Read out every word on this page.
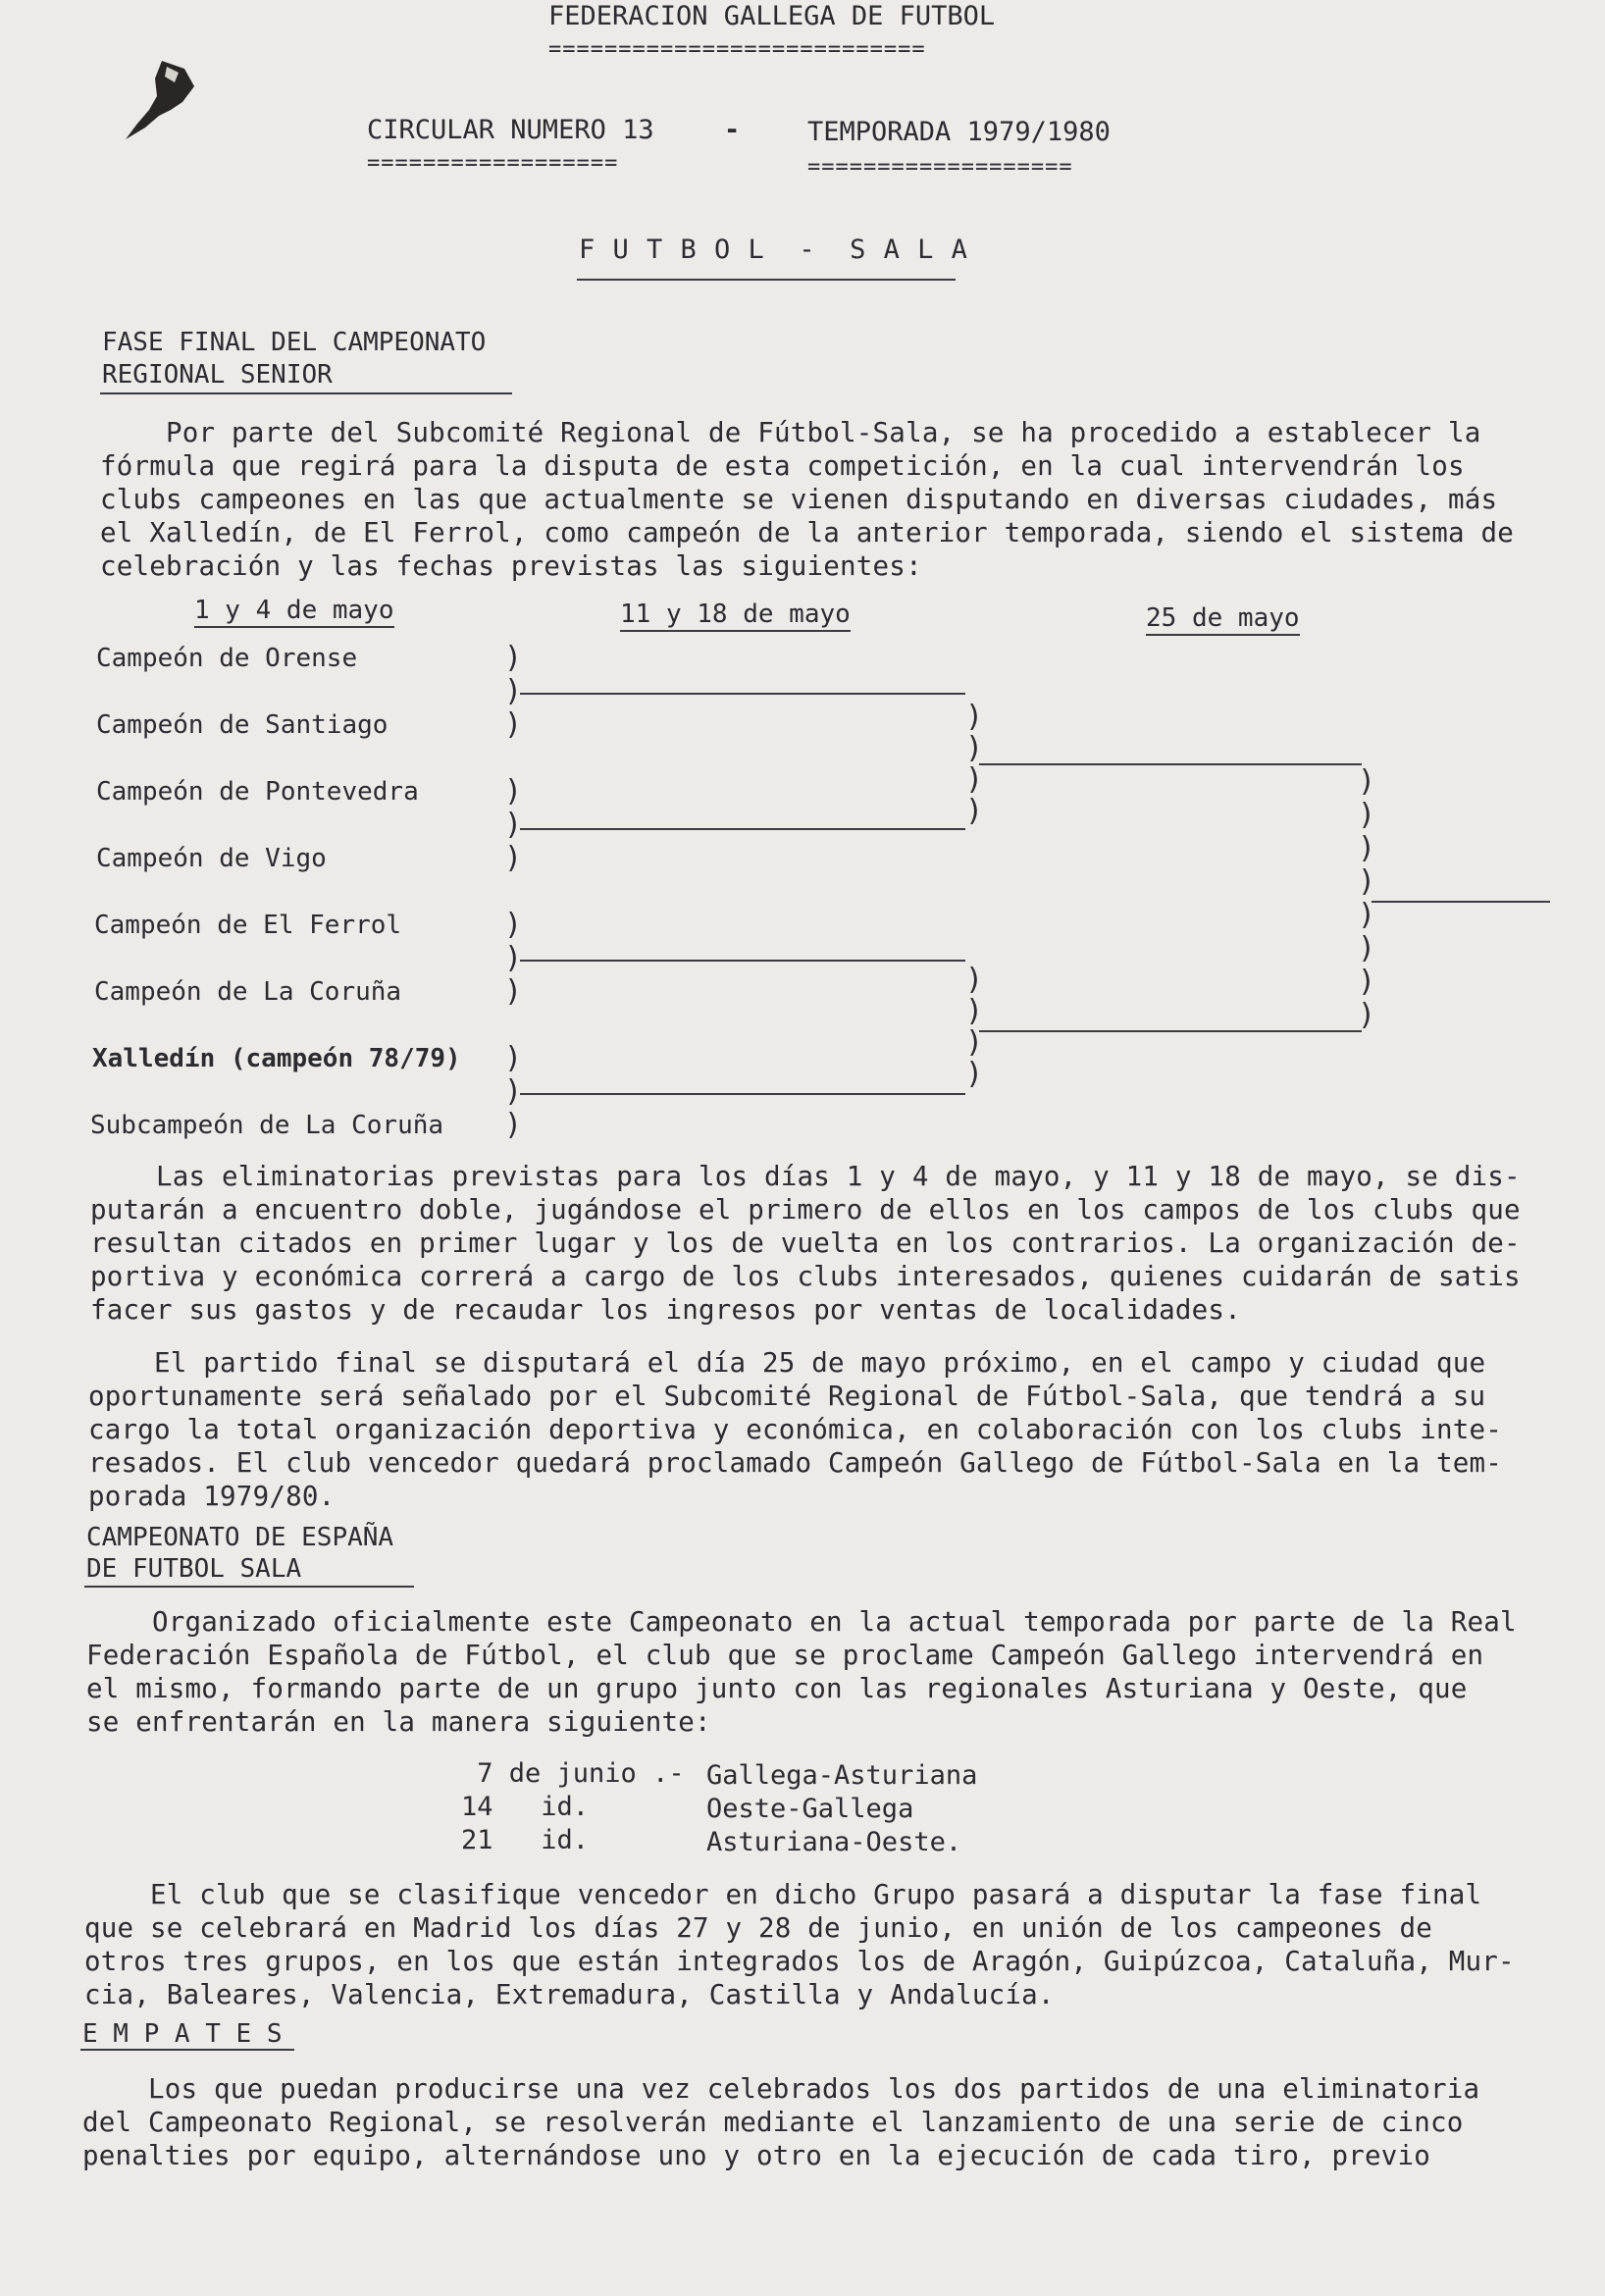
FEDERACION GALLEGA DE FUTBOL
===========================
CIRCULAR NUMERO 13
==================
-	TEMPORADA 1979/1980
===================
F U T B O L  -  S A L A
FASE FINAL DEL CAMPEONATO
REGIONAL SENIOR
Por parte del Subcomité Regional de Fútbol-Sala, se ha procedido a establecer la
fórmula que regirá para la disputa de esta competición, en la cual intervendrán los
clubs campeones en las que actualmente se vienen disputando en diversas ciudades, más
el Xalledín, de El Ferrol, como campeón de la anterior temporada, siendo el sistema de
celebración y las fechas previstas las siguientes:
1 y 4 de mayo	11 y 18 de mayo	25 de mayo
Campeón de Orense
Campeón de Santiago
Campeón de Pontevedra
Campeón de Vigo
Campeón de El Ferrol
Campeón de La Coruña
Xalledín (campeón 78/79)
Subcampeón de La Coruña
)
)
)
)
)
)
)
)
)
)
)
)
)
)
)
)
)
)
)
)
)
)
)
)
)
)
)
)
Las eliminatorias previstas para los días 1 y 4 de mayo, y 11 y 18 de mayo, se dis-
putarán a encuentro doble, jugándose el primero de ellos en los campos de los clubs que
resultan citados en primer lugar y los de vuelta en los contrarios. La organización de-
portiva y económica correrá a cargo de los clubs interesados, quienes cuidarán de satis
facer sus gastos y de recaudar los ingresos por ventas de localidades.
El partido final se disputará el día 25 de mayo próximo, en el campo y ciudad que
oportunamente será señalado por el Subcomité Regional de Fútbol-Sala, que tendrá a su
cargo la total organización deportiva y económica, en colaboración con los clubs inte-
resados. El club vencedor quedará proclamado Campeón Gallego de Fútbol-Sala en la tem-
porada 1979/80.
CAMPEONATO DE ESPAÑA
DE FUTBOL SALA
Organizado oficialmente este Campeonato en la actual temporada por parte de la Real
Federación Española de Fútbol, el club que se proclame Campeón Gallego intervendrá en
el mismo, formando parte de un grupo junto con las regionales Asturiana y Oeste, que
se enfrentarán en la manera siguiente:
7 de junio .- Gallega-Asturiana
14   id.	Oeste-Gallega
21   id.	Asturiana-Oeste.
El club que se clasifique vencedor en dicho Grupo pasará a disputar la fase final
que se celebrará en Madrid los días 27 y 28 de junio, en unión de los campeones de
otros tres grupos, en los que están integrados los de Aragón, Guipúzcoa, Cataluña, Mur-
cia, Baleares, Valencia, Extremadura, Castilla y Andalucía.
E M P A T E S
Los que puedan producirse una vez celebrados los dos partidos de una eliminatoria
del Campeonato Regional, se resolverán mediante el lanzamiento de una serie de cinco
penalties por equipo, alternándose uno y otro en la ejecución de cada tiro, previo
